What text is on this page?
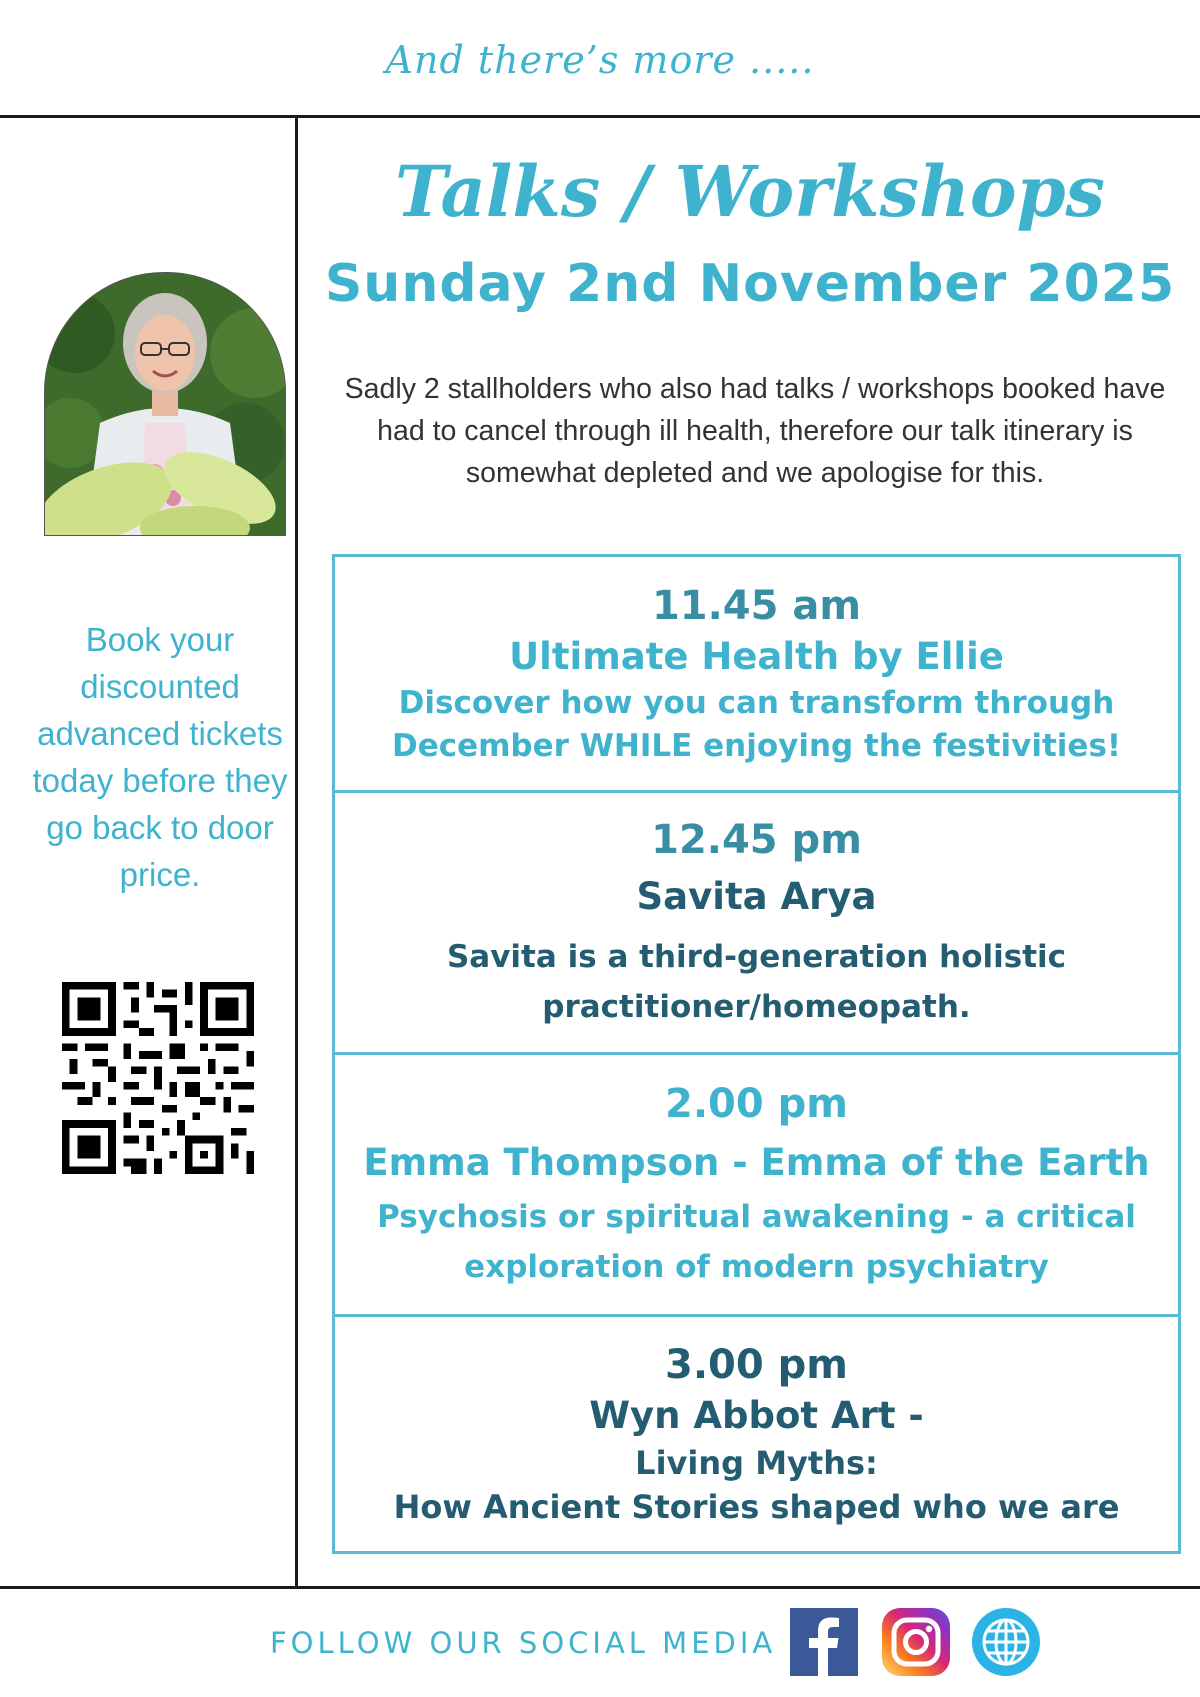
And there’s more .....
Book your discounted advanced tickets today before they go back to door price.
Talks / Workshops
Sunday 2nd November 2025
Sadly 2 stallholders who also had talks / workshops booked have had to cancel through ill health, therefore our talk itinerary is somewhat depleted and we apologise for this.
11.45 am
Ultimate Health by Ellie
Discover how you can transform through December WHILE enjoying the festivities!
12.45 pm
Savita Arya
Savita is a third-generation holistic practitioner/homeopath.
2.00 pm
Emma Thompson - Emma of the Earth
Psychosis or spiritual awakening - a critical exploration of modern psychiatry
3.00 pm
Wyn Abbot Art -
Living Myths:
How Ancient Stories shaped who we are
FOLLOW OUR SOCIAL MEDIA
